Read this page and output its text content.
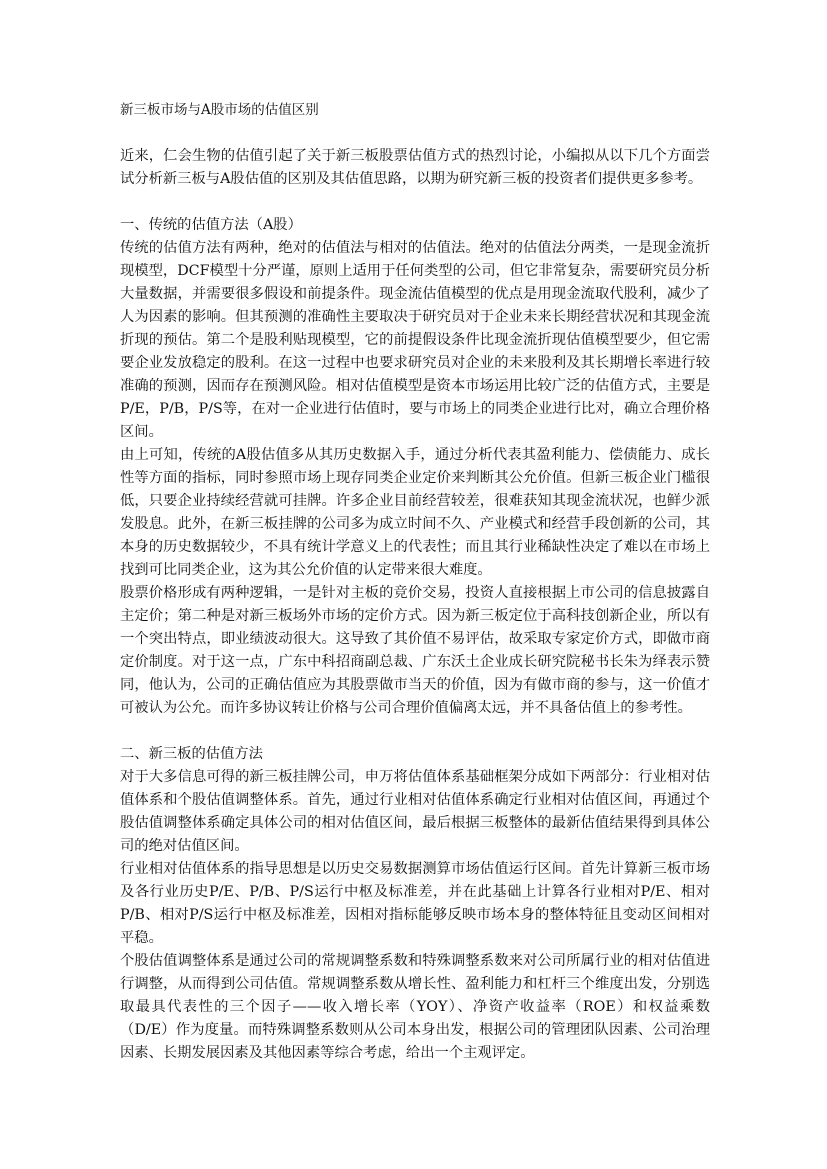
新三板市场与A股市场的估值区别

近来，仁会生物的估值引起了关于新三板股票估值方式的热烈讨论，小编拟从以下几个方面尝试分析新三板与A股估值的区别及其估值思路，以期为研究新三板的投资者们提供更多参考。

一、传统的估值方法（A股）

传统的估值方法有两种，绝对的估值法与相对的估值法。绝对的估值法分两类，一是现金流折现模型，DCF模型十分严谨，原则上适用于任何类型的公司，但它非常复杂，需要研究员分析大量数据，并需要很多假设和前提条件。现金流估值模型的优点是用现金流取代股利，减少了人为因素的影响。但其预测的准确性主要取决于研究员对于企业未来长期经营状况和其现金流折现的预估。第二个是股利贴现模型，它的前提假设条件比现金流折现估值模型要少，但它需要企业发放稳定的股利。在这一过程中也要求研究员对企业的未来股利及其长期增长率进行较准确的预测，因而存在预测风险。相对估值模型是资本市场运用比较广泛的估值方式，主要是P/E，P/B，P/S等，在对一企业进行估值时，要与市场上的同类企业进行比对，确立合理价格区间。

由上可知，传统的A股估值多从其历史数据入手，通过分析代表其盈利能力、偿债能力、成长性等方面的指标，同时参照市场上现存同类企业定价来判断其公允价值。但新三板企业门槛很低，只要企业持续经营就可挂牌。许多企业目前经营较差，很难获知其现金流状况，也鲜少派发股息。此外，在新三板挂牌的公司多为成立时间不久、产业模式和经营手段创新的公司，其本身的历史数据较少，不具有统计学意义上的代表性；而且其行业稀缺性决定了难以在市场上找到可比同类企业，这为其公允价值的认定带来很大难度。

股票价格形成有两种逻辑，一是针对主板的竞价交易，投资人直接根据上市公司的信息披露自主定价；第二种是对新三板场外市场的定价方式。因为新三板定位于高科技创新企业，所以有一个突出特点，即业绩波动很大。这导致了其价值不易评估，故采取专家定价方式，即做市商定价制度。对于这一点，广东中科招商副总裁、广东沃土企业成长研究院秘书长朱为绎表示赞同，他认为，公司的正确估值应为其股票做市当天的价值，因为有做市商的参与，这一价值才可被认为公允。而许多协议转让价格与公司合理价值偏离太远，并不具备估值上的参考性。

二、新三板的估值方法

对于大多信息可得的新三板挂牌公司，申万将估值体系基础框架分成如下两部分：行业相对估值体系和个股估值调整体系。首先，通过行业相对估值体系确定行业相对估值区间，再通过个股估值调整体系确定具体公司的相对估值区间，最后根据三板整体的最新估值结果得到具体公司的绝对估值区间。

行业相对估值体系的指导思想是以历史交易数据测算市场估值运行区间。首先计算新三板市场及各行业历史P/E、P/B、P/S运行中枢及标准差，并在此基础上计算各行业相对P/E、相对P/B、相对P/S运行中枢及标准差，因相对指标能够反映市场本身的整体特征且变动区间相对平稳。

个股估值调整体系是通过公司的常规调整系数和特殊调整系数来对公司所属行业的相对估值进行调整，从而得到公司估值。常规调整系数从增长性、盈利能力和杠杆三个维度出发，分别选取最具代表性的三个因子——收入增长率（YOY）、净资产收益率（ROE）和权益乘数（D/E）作为度量。而特殊调整系数则从公司本身出发，根据公司的管理团队因素、公司治理因素、长期发展因素及其他因素等综合考虑，给出一个主观评定。
